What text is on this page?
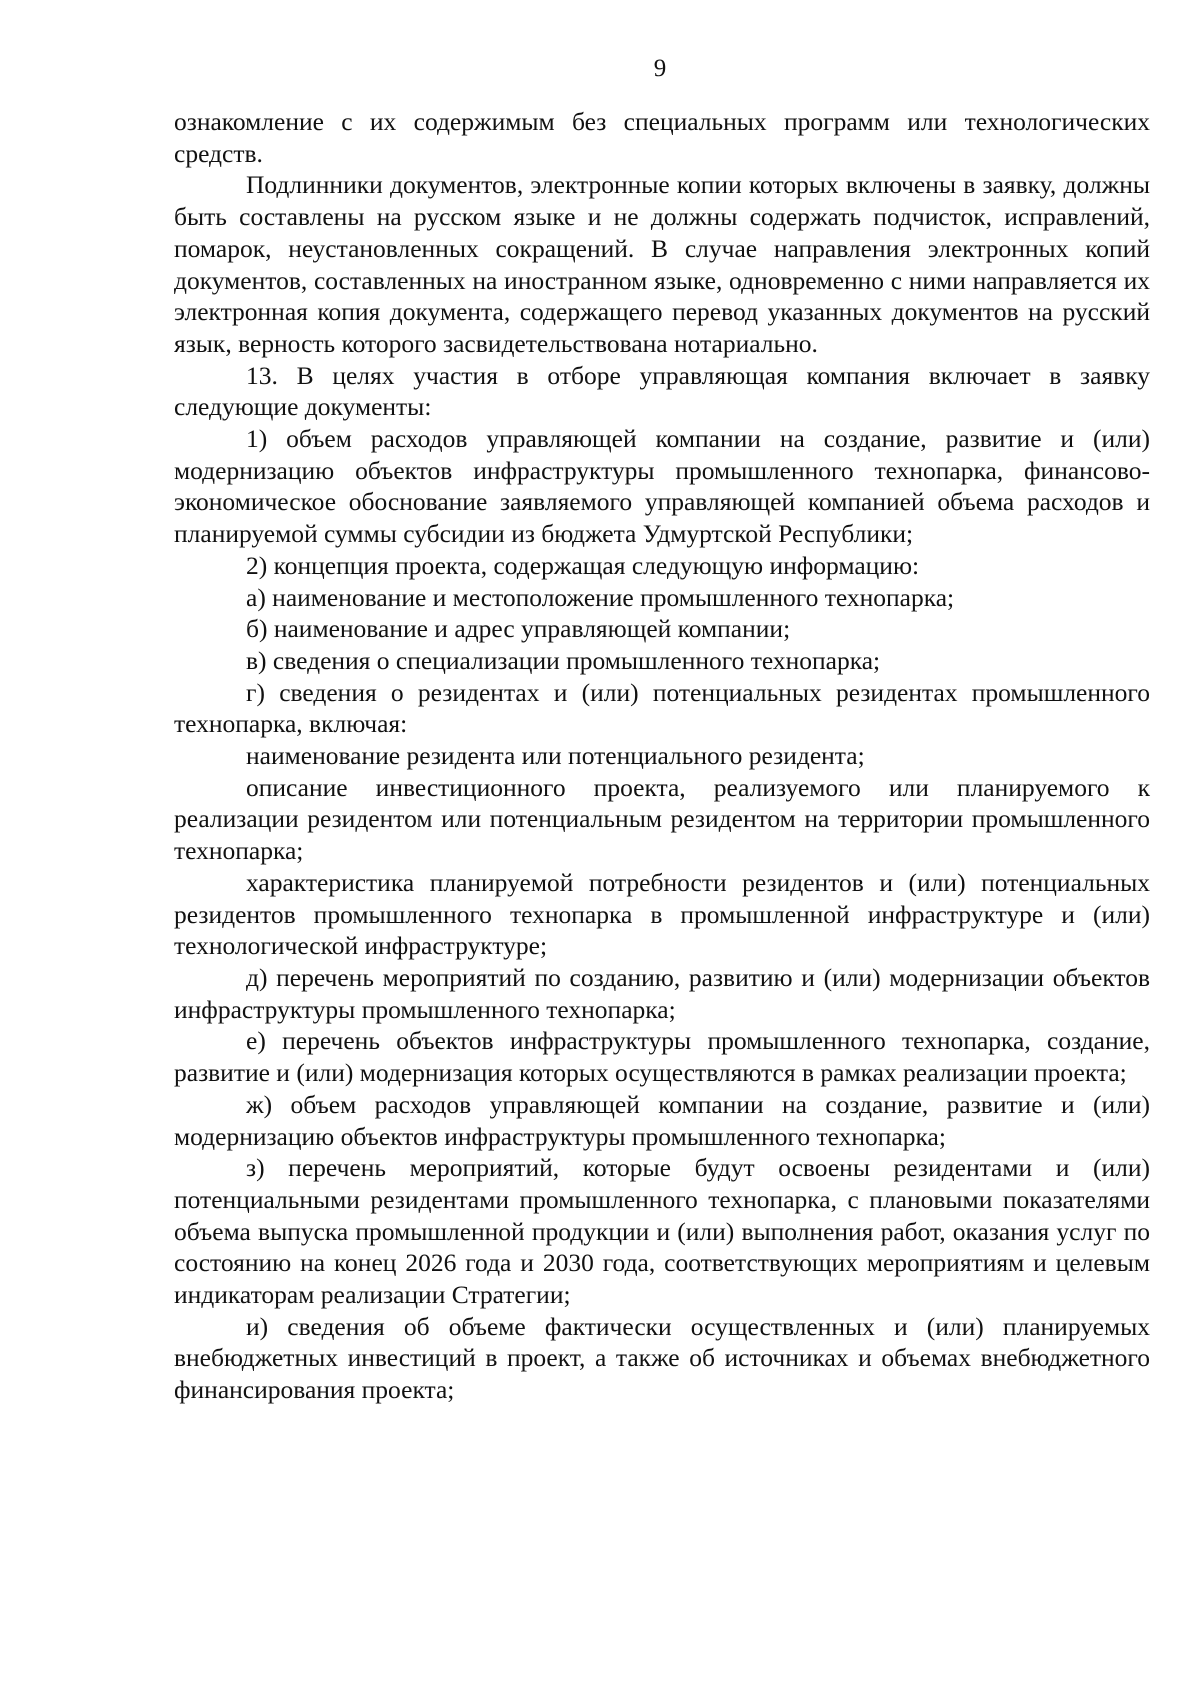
9

ознакомление с их содержимым без специальных программ или технологических средств.

Подлинники документов, электронные копии которых включены в заявку, должны быть составлены на русском языке и не должны содержать подчисток, исправлений, помарок, неустановленных сокращений. В случае направления электронных копий документов, составленных на иностранном языке, одновременно с ними направляется их электронная копия документа, содержащего перевод указанных документов на русский язык, верность которого засвидетельствована нотариально.

13. В целях участия в отборе управляющая компания включает в заявку следующие документы:

1) объем расходов управляющей компании на создание, развитие и (или) модернизацию объектов инфраструктуры промышленного технопарка, финансово-экономическое обоснование заявляемого управляющей компанией объема расходов и планируемой суммы субсидии из бюджета Удмуртской Республики;

2) концепция проекта, содержащая следующую информацию:

а) наименование и местоположение промышленного технопарка;

б) наименование и адрес управляющей компании;

в) сведения о специализации промышленного технопарка;

г) сведения о резидентах и (или) потенциальных резидентах промышленного технопарка, включая:

наименование резидента или потенциального резидента;

описание инвестиционного проекта, реализуемого или планируемого к реализации резидентом или потенциальным резидентом на территории промышленного технопарка;

характеристика планируемой потребности резидентов и (или) потенциальных резидентов промышленного технопарка в промышленной инфраструктуре и (или) технологической инфраструктуре;

д) перечень мероприятий по созданию, развитию и (или) модернизации объектов инфраструктуры промышленного технопарка;

е) перечень объектов инфраструктуры промышленного технопарка, создание, развитие и (или) модернизация которых осуществляются в рамках реализации проекта;

ж) объем расходов управляющей компании на создание, развитие и (или) модернизацию объектов инфраструктуры промышленного технопарка;

з) перечень мероприятий, которые будут освоены резидентами и (или) потенциальными резидентами промышленного технопарка, с плановыми показателями объема выпуска промышленной продукции и (или) выполнения работ, оказания услуг по состоянию на конец 2026 года и 2030 года, соответствующих мероприятиям и целевым индикаторам реализации Стратегии;

и) сведения об объеме фактически осуществленных и (или) планируемых внебюджетных инвестиций в проект, а также об источниках и объемах внебюджетного финансирования проекта;
